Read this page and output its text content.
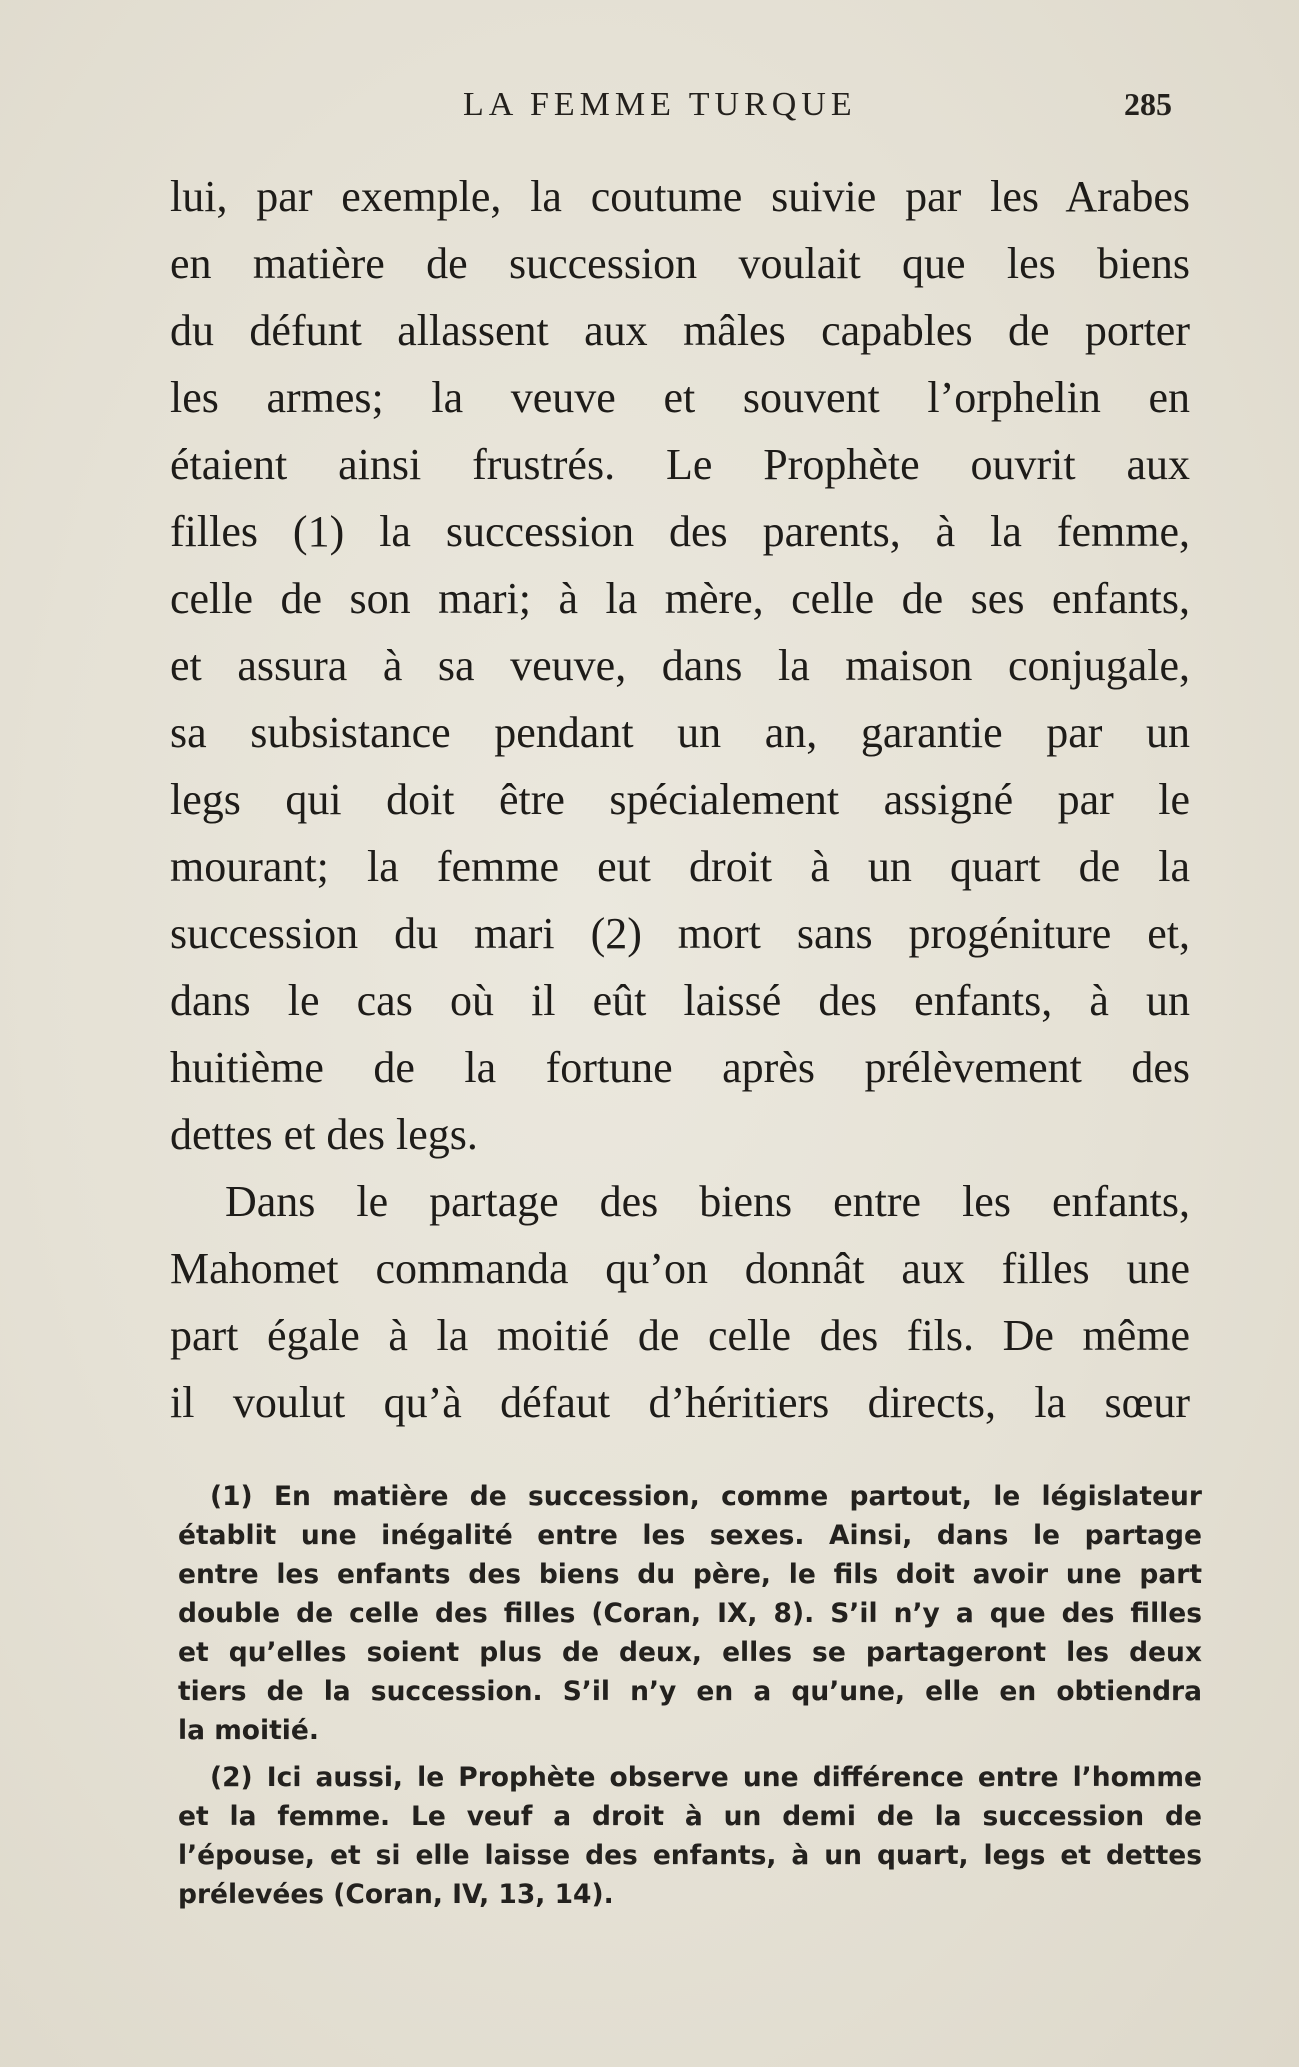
LA FEMME TURQUE	285
lui, par exemple, la coutume suivie par les Arabes
en matière de succession voulait que les biens
du défunt allassent aux mâles capables de porter
les armes; la veuve et souvent l’orphelin en
étaient ainsi frustrés. Le Prophète ouvrit aux
filles (1) la succession des parents, à la femme,
celle de son mari; à la mère, celle de ses enfants,
et assura à sa veuve, dans la maison conjugale,
sa subsistance pendant un an, garantie par un
legs qui doit être spécialement assigné par le
mourant; la femme eut droit à un quart de la
succession du mari (2) mort sans progéniture et,
dans le cas où il eût laissé des enfants, à un
huitième de la fortune après prélèvement des
dettes et des legs.
Dans le partage des biens entre les enfants,
Mahomet commanda qu’on donnât aux filles une
part égale à la moitié de celle des fils. De même
il voulut qu’à défaut d’héritiers directs, la sœur
(1) En matière de succession, comme partout, le législateur
établit une inégalité entre les sexes. Ainsi, dans le partage
entre les enfants des biens du père, le fils doit avoir une part
double de celle des filles (Coran, IX, 8). S’il n’y a que des filles
et qu’elles soient plus de deux, elles se partageront les deux
tiers de la succession. S’il n’y en a qu’une, elle en obtiendra
la moitié.
(2) Ici aussi, le Prophète observe une différence entre l’homme
et la femme. Le veuf a droit à un demi de la succession de
l’épouse, et si elle laisse des enfants, à un quart, legs et dettes
prélevées (Coran, IV, 13, 14).
